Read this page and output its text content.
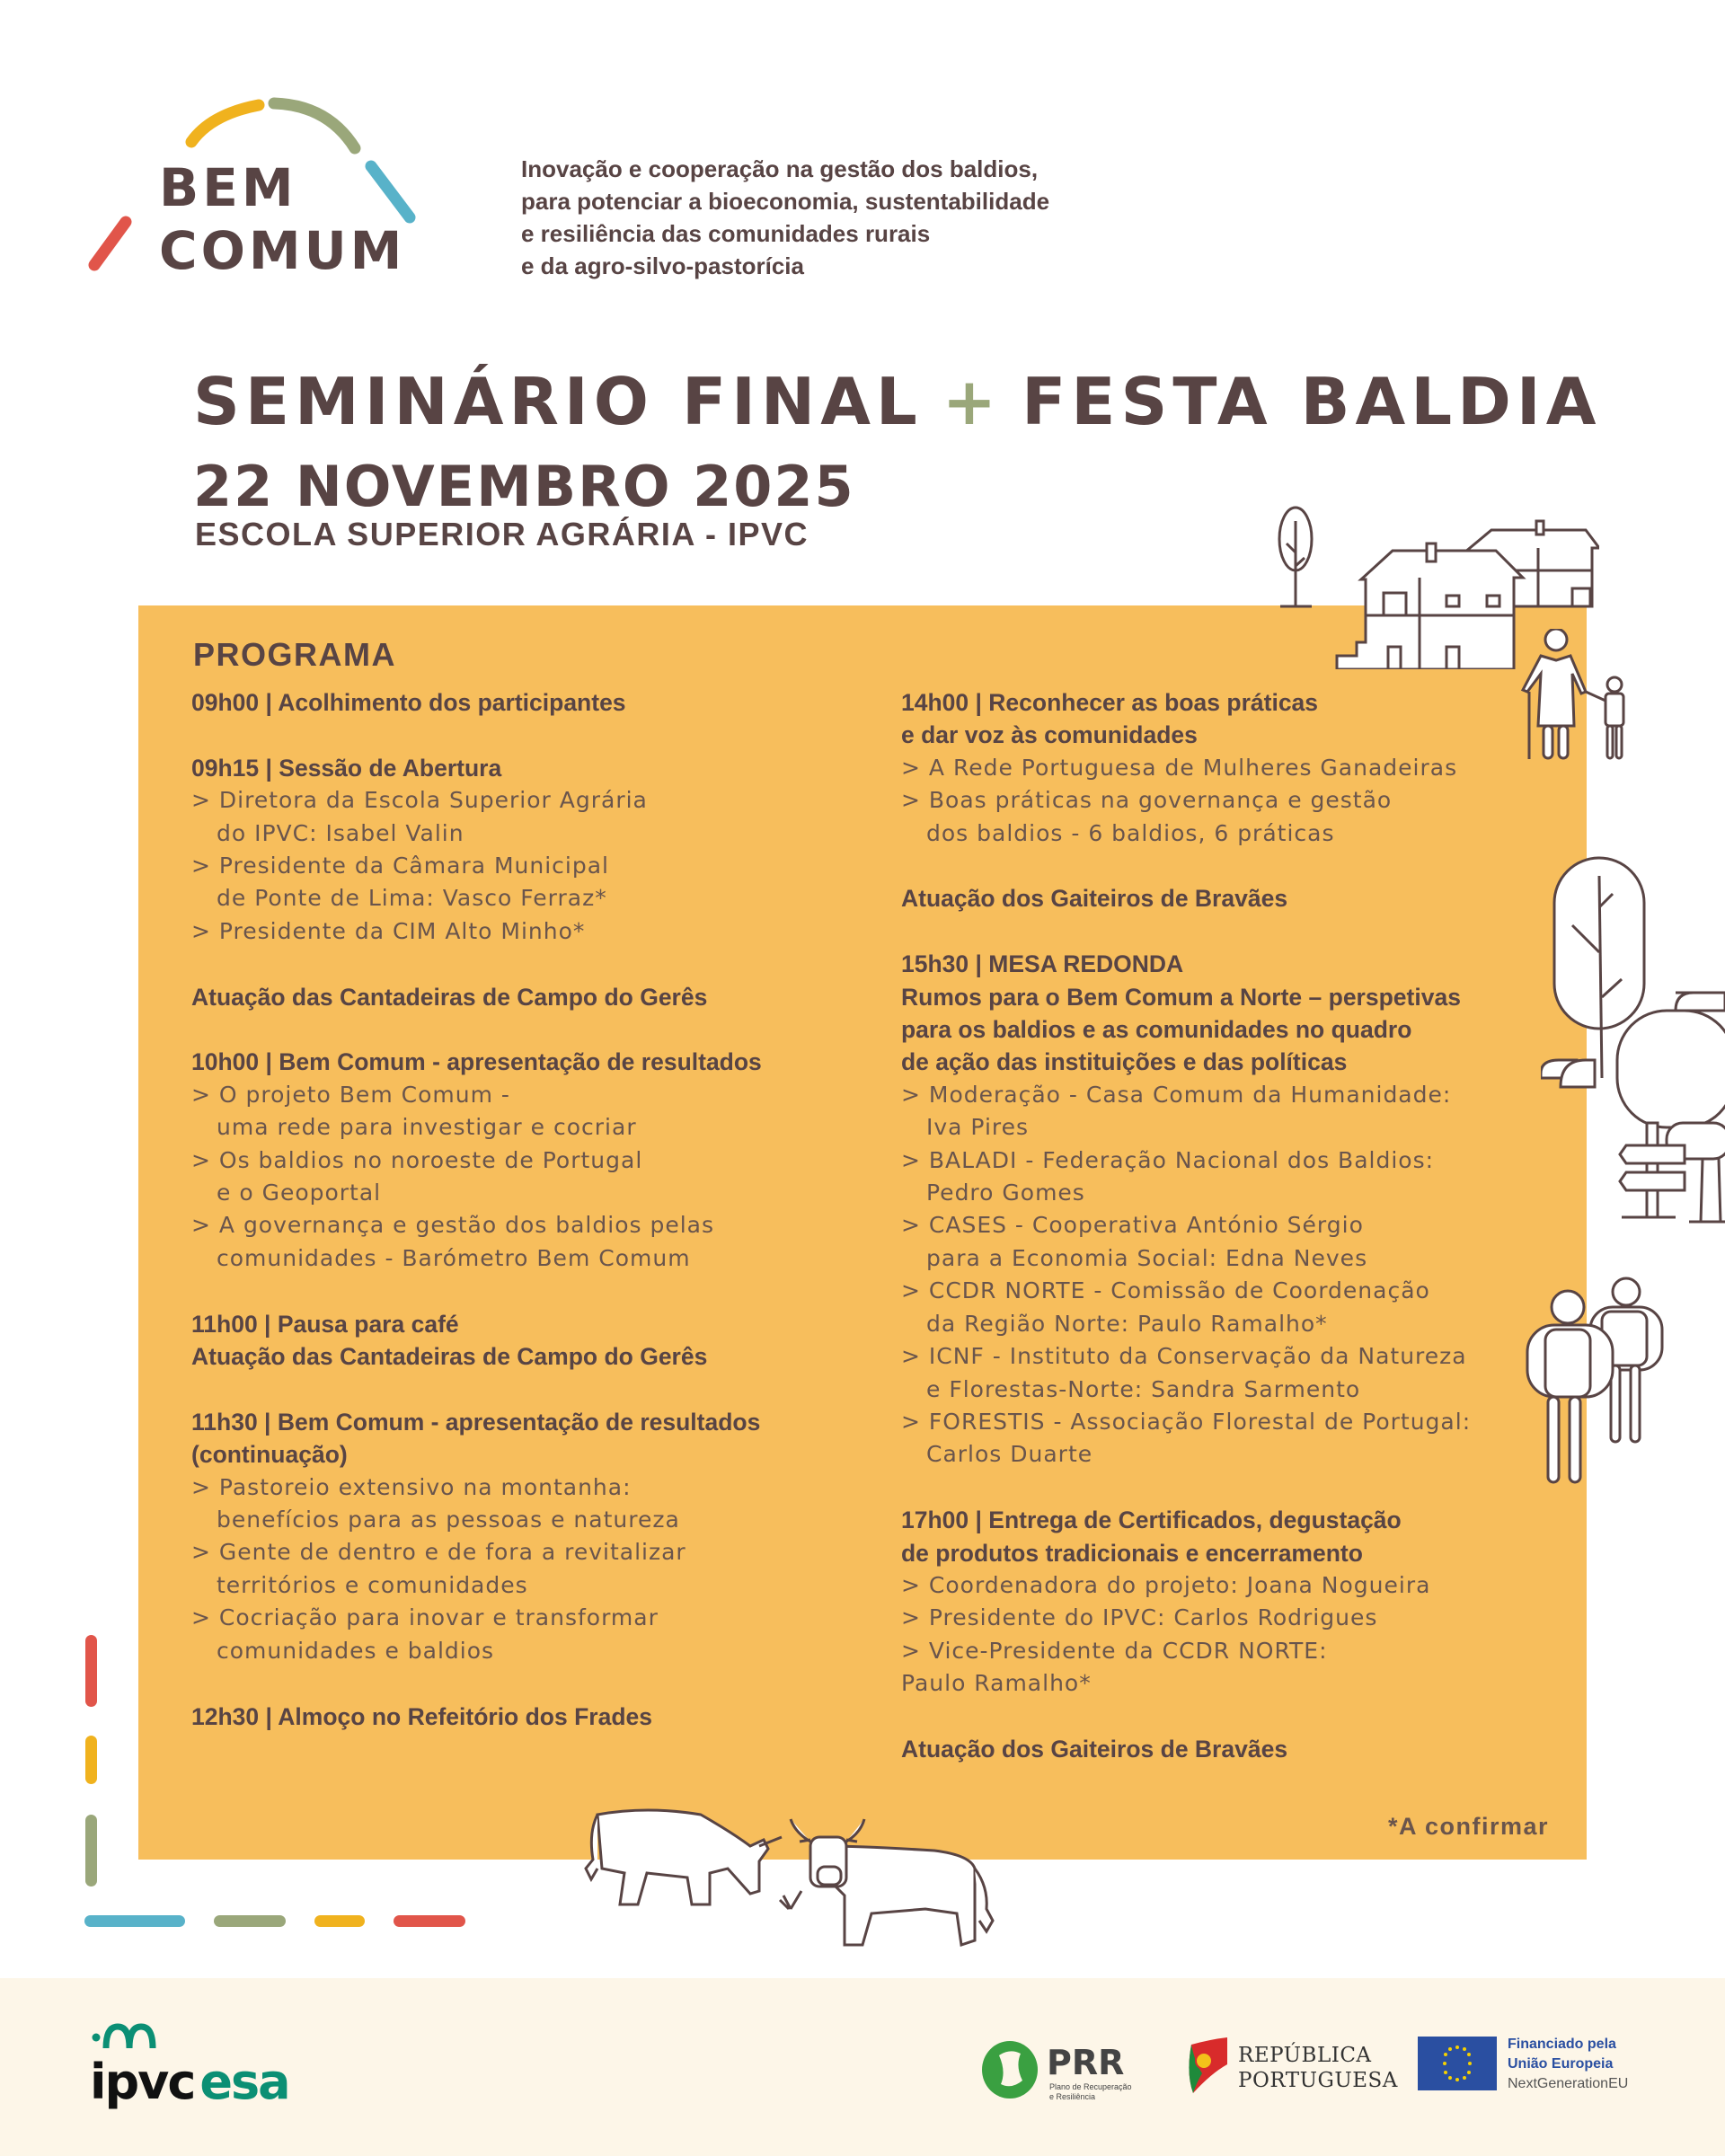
BEM
COMUM
Inovação e cooperação na gestão dos baldios,
para potenciar a bioeconomia, sustentabilidade
e resiliência das comunidades rurais
e da agro-silvo-pastorícia
SEMINÁRIO FINAL + FESTA BALDIA
22 NOVEMBRO 2025
ESCOLA SUPERIOR AGRÁRIA - IPVC
PROGRAMA
09h00 | Acolhimento dos participantes
09h15 | Sessão de Abertura
> Diretora da Escola Superior Agrária
do IPVC: Isabel Valin
> Presidente da Câmara Municipal
de Ponte de Lima: Vasco Ferraz*
> Presidente da CIM Alto Minho*
Atuação das Cantadeiras de Campo do Gerês
10h00 | Bem Comum - apresentação de resultados
> O projeto Bem Comum -
uma rede para investigar e cocriar
> Os baldios no noroeste de Portugal
e o Geoportal
> A governança e gestão dos baldios pelas
comunidades - Barómetro Bem Comum
11h00 | Pausa para café
Atuação das Cantadeiras de Campo do Gerês
11h30 | Bem Comum - apresentação de resultados
(continuação)
> Pastoreio extensivo na montanha:
benefícios para as pessoas e natureza
> Gente de dentro e de fora a revitalizar
territórios e comunidades
> Cocriação para inovar e transformar
comunidades e baldios
12h30 | Almoço no Refeitório dos Frades
14h00 | Reconhecer as boas práticas
e dar voz às comunidades
> A Rede Portuguesa de Mulheres Ganadeiras
> Boas práticas na governança e gestão
dos baldios - 6 baldios, 6 práticas
Atuação dos Gaiteiros de Bravães
15h30 | MESA REDONDA
Rumos para o Bem Comum a Norte – perspetivas
para os baldios e as comunidades no quadro
de ação das instituições e das políticas
> Moderação - Casa Comum da Humanidade:
Iva Pires
> BALADI - Federação Nacional dos Baldios:
Pedro Gomes
> CASES - Cooperativa António Sérgio
para a Economia Social: Edna Neves
> CCDR NORTE - Comissão de Coordenação
da Região Norte: Paulo Ramalho*
> ICNF - Instituto da Conservação da Natureza
e Florestas-Norte: Sandra Sarmento
> FORESTIS - Associação Florestal de Portugal:
Carlos Duarte
17h00 | Entrega de Certificados, degustação
de produtos tradicionais e encerramento
> Coordenadora do projeto: Joana Nogueira
> Presidente do IPVC: Carlos Rodrigues
> Vice-Presidente da CCDR NORTE:
Paulo Ramalho*
Atuação dos Gaiteiros de Bravães
*A confirmar
ipvc esa	PRR
Plano de Recuperação
e Resiliência
REPÚBLICA
PORTUGUESA
Financiado pela
União Europeia
NextGenerationEU
